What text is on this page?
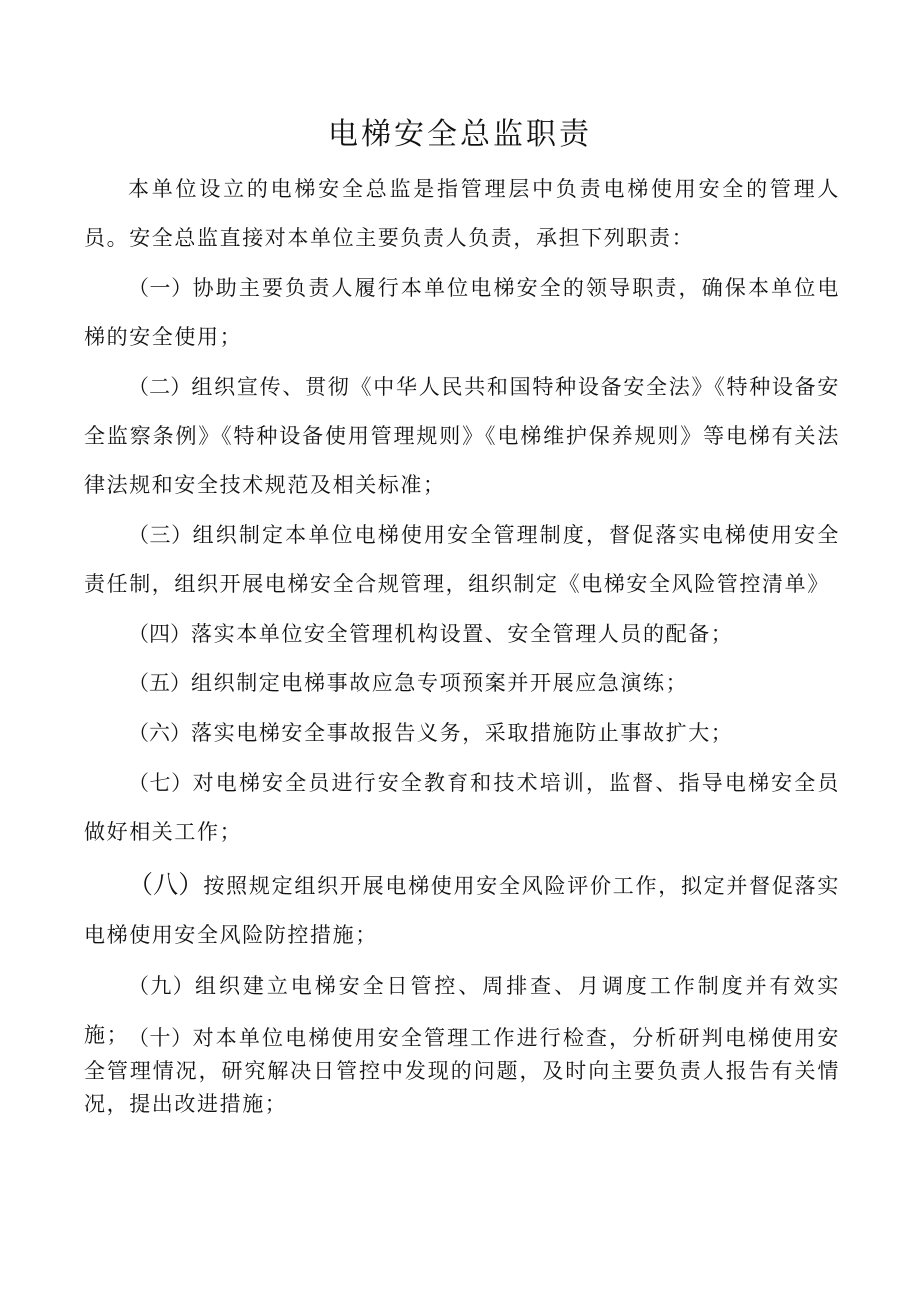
电梯安全总监职责

本单位设立的电梯安全总监是指管理层中负责电梯使用安全的管理人员。安全总监直接对本单位主要负责人负责，承担下列职责：

（一）协助主要负责人履行本单位电梯安全的领导职责，确保本单位电梯的安全使用；

（二）组织宣传、贯彻《中华人民共和国特种设备安全法》《特种设备安全监察条例》《特种设备使用管理规则》《电梯维护保养规则》等电梯有关法律法规和安全技术规范及相关标准；

（三）组织制定本单位电梯使用安全管理制度，督促落实电梯使用安全责任制，组织开展电梯安全合规管理，组织制定《电梯安全风险管控清单》

（四）落实本单位安全管理机构设置、安全管理人员的配备；

（五）组织制定电梯事故应急专项预案并开展应急演练；

（六）落实电梯安全事故报告义务，采取措施防止事故扩大；

（七）对电梯安全员进行安全教育和技术培训，监督、指导电梯安全员做好相关工作；

（八）按照规定组织开展电梯使用安全风险评价工作，拟定并督促落实电梯使用安全风险防控措施；

（九）组织建立电梯安全日管控、周排查、月调度工作制度并有效实施；

（十）对本单位电梯使用安全管理工作进行检查，分析研判电梯使用安全管理情况，研究解决日管控中发现的问题，及时向主要负责人报告有关情况，提出改进措施；
